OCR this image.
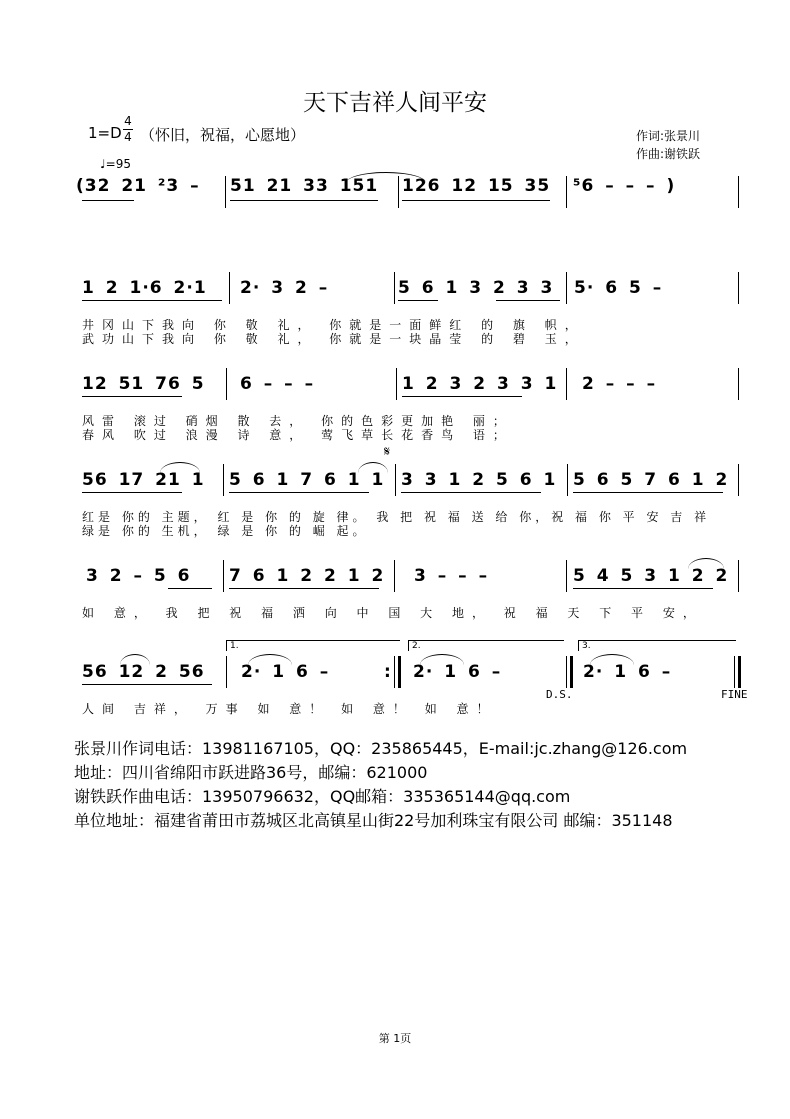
天下吉祥人间平安
1=D
4
4 （怀旧，祝福，心愿地）
♩=95
作词:张景川
作曲:谢铁跃
(32 21 ²3 – 51 21 33 151 126 12 15 35 ⁵6 – – – )
1 2 1·6 2·1 2· 3 2 –	5 6 1 3 2 3 3 5· 6 5 –
井冈山下我向 你 敬 礼， 你就是一面鲜红 的 旗 帜，
武功山下我向 你 敬 礼， 你就是一块晶莹 的 碧 玉，
12 51 76 5 6 – – –	1 2 3 2 3 3 1 2 – – –
风雷 滚过 硝烟 散 去， 你的色彩更加艳 丽；
春风 吹过 浪漫 诗 意， 莺飞草长花香鸟 语；
56 17 21 1 5 6 1 7 6 1 1 3 3 1 2 5 6 1 5 6 5 7 6 1 2
𝄋
红是 你的 主题， 红 是 你 的 旋 律。 我 把 祝 福 送 给 你，祝 福 你 平 安 吉 祥
绿是 你的 生机， 绿 是 你 的 崛 起。
3 2 – 5 6 7 6 1 2 2 1 2 3 – – –	5 4 5 3 1 2 2
如 意， 我 把 祝 福 洒 向 中 国 大 地， 祝 福 天 下 平 安，
1.	2.	3.
56 12 2 56 2· 1 6 –	: 2· 1 6 –	2· 1 6 –
D.S.	FINE
人间 吉祥， 万事 如 意！ 如 意！ 如 意！
张景川作词电话：13981167105，QQ：235865445，E-mail:jc.zhang@126.com
地址：四川省绵阳市跃进路36号，邮编：621000
谢铁跃作曲电话：13950796632，QQ邮箱：335365144@qq.com
单位地址：福建省莆田市荔城区北高镇星山街22号加利珠宝有限公司 邮编：351148
第 1页
